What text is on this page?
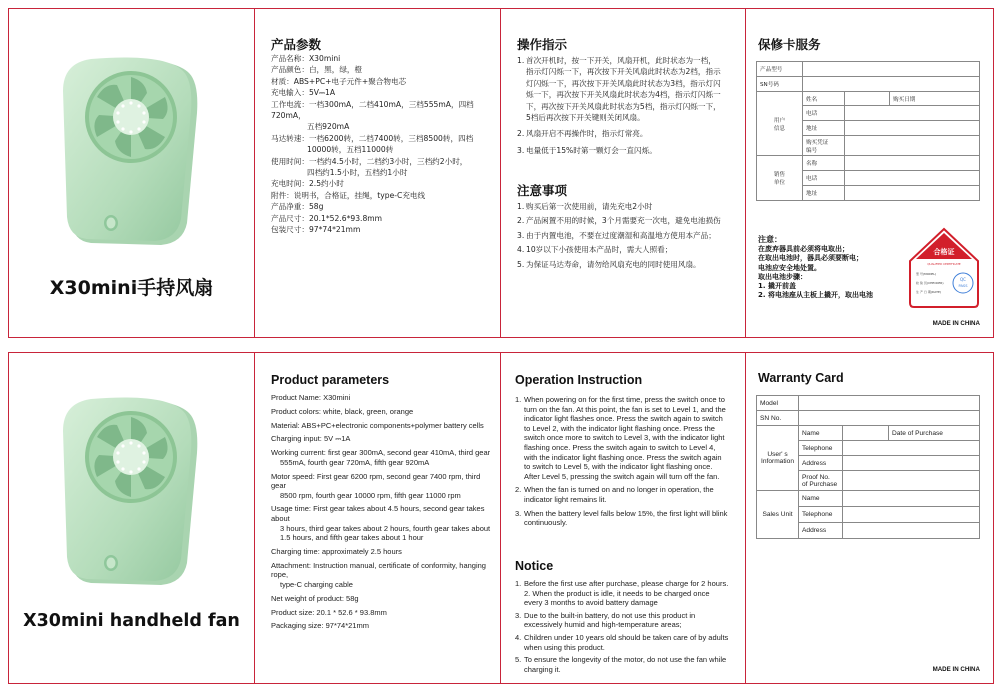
X30mini手持风扇
产品参数
产品名称：X30mini
产品颜色：白，黑，绿，橙
材质：ABS+PC+电子元件+聚合物电芯
充电输入：5V⎓1A
工作电流：一档300mA，二档410mA，三档555mA，四档720mA，
五档920mA
马达转速：一档6200转，二档7400转，三档8500转，四档
10000转，五档11000转
使用时间：一档约4.5小时，二档约3小时，三档约2小时，
四档约1.5小时，五档约1小时
充电时间：2.5约小时
附件：说明书，合格证，挂绳，type-C充电线
产品净重：58g
产品尺寸：20.1*52.6*93.8mm
包装尺寸：97*74*21mm
操作指示
1. 首次开机时，按一下开关，风扇开机，此时状态为一档，指示灯闪烁一下，再次按下开关风扇此时状态为2档，指示灯闪烁一下，再次按下开关风扇此时状态为3档，指示灯闪烁一下，再次按下开关风扇此时状态为4档，指示灯闪烁一下，再次按下开关风扇此时状态为5档，指示灯闪烁一下，5档后再次按下开关键则关闭风扇。
2. 风扇开启不再操作时，指示灯常亮。
3. 电量低于15%时第一颗灯会一直闪烁。
注意事项
1. 购买后第一次使用前，请先充电2小时
2. 产品闲置不用的时候，3个月需要充一次电，避免电池损伤
3. 由于内置电池，不要在过度潮湿和高温地方使用本产品；
4. 10岁以下小孩使用本产品时，需大人照看；
5. 为保证马达寿命，请勿给风扇充电的同时使用风扇。
保修卡服务
产品型号			
SN号码			
用户
信息	姓名		购买日期
	电话		
	地址		
	购买凭证
编号		
销售
单位	名称		
	电话		
	地址		
注意：
在废弃器具前必须将电取出；
在取出电池时，器具必须要断电；
电池应安全地处置。
取出电池步骤：
1. 撬开前盖
2. 将电池座从主板上撬开，取出电池
合格证
QUALIFIED CERTIFICATE
型 号(MODEL)
检 验 员(CHECKER)
生 产 日 期(DATE)
QC
PASS
MADE IN CHINA
X30mini handheld fan
Product parameters
Product Name: X30mini
Product colors: white, black, green, orange
Material: ABS+PC+electronic components+polymer battery cells
Charging input: 5V ⎓1A
Working current: first gear 300mA, second gear 410mA, third gear
555mA, fourth gear 720mA, fifth gear 920mA
Motor speed: First gear 6200 rpm, second gear 7400 rpm, third gear
8500 rpm, fourth gear 10000 rpm, fifth gear 11000 rpm
Usage time: First gear takes about 4.5 hours, second gear takes about
3 hours, third gear takes about 2 hours, fourth gear takes about 1.5 hours, and fifth gear takes about 1 hour
Charging time: approximately 2.5 hours
Attachment: Instruction manual, certificate of conformity, hanging rope,
type-C charging cable
Net weight of product: 58g
Product size: 20.1 * 52.6 * 93.8mm
Packaging size: 97*74*21mm
Operation Instruction
1. When powering on for the first time, press the switch once to turn on the fan. At this point, the fan is set to Level 1, and the indicator light flashes once. Press the switch again to switch to Level 2, with the indicator light flashing once. Press the switch once more to switch to Level 3, with the indicator light flashing once. Press the switch again to switch to Level 4, with the indicator light flashing once. Press the switch again to switch to Level 5, with the indicator light flashing once. After Level 5, pressing the switch again will turn off the fan.
2. When the fan is turned on and no longer in operation, the indicator light remains lit.
3. When the battery level falls below 15%, the first light will blink continuously.
Notice
1. Before the first use after purchase, please charge for 2 hours. 2. When the product is idle, it needs to be charged once every 3 months to avoid battery damage
3. Due to the built-in battery, do not use this product in excessively humid and high-temperature areas;
4. Children under 10 years old should be taken care of by adults when using this product.
5. To ensure the longevity of the motor, do not use the fan while charging it.
Warranty Card
Model			
SN No.			
User' s
Information	Name		Date of Purchase
	Telephone		
	Address		
	Proof No.
of Purchase		
Sales Unit	Name		
	Telephone		
	Address		
MADE IN CHINA
